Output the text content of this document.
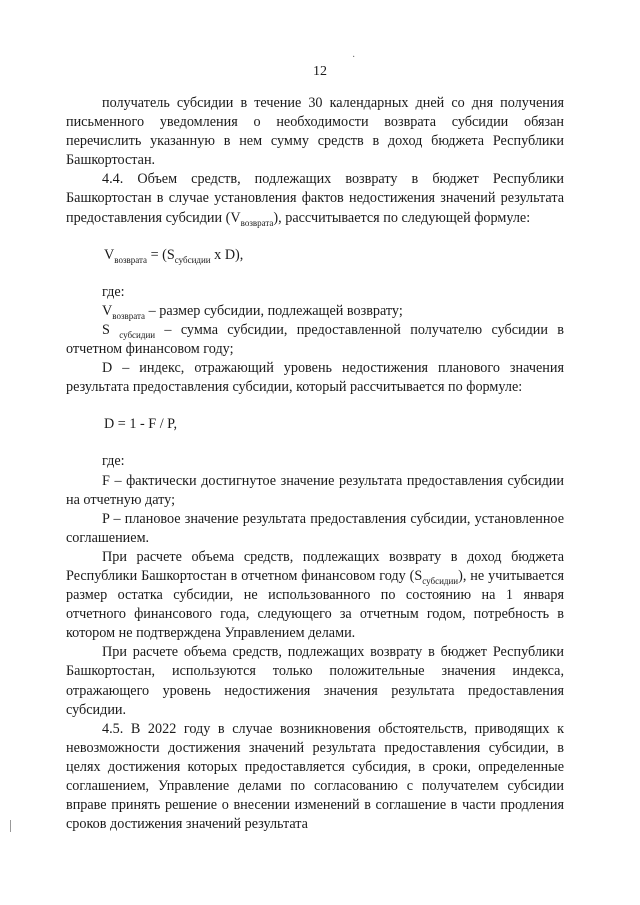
·
12

получатель субсидии в течение 30 календарных дней со дня получения письменного уведомления о необходимости возврата субсидии обязан перечислить указанную в нем сумму средств в доход бюджета Республики Башкортостан.

4.4. Объем средств, подлежащих возврату в бюджет Республики Башкортостан в случае установления фактов недостижения значений результата предоставления субсидии $(V_{возврата})$, рассчитывается по следующей формуле:

$V_{возврата} = (S_{субсидии}$ x D),

где:

$V_{возврата}$ – размер субсидии, подлежащей возврату;

S $_{субсидии}$ – сумма субсидии, предоставленной получателю субсидии в отчетном финансовом году;

D – индекс, отражающий уровень недостижения планового значения результата предоставления субсидии, который рассчитывается по формуле:

D = 1 - F / P,

где:

F – фактически достигнутое значение результата предоставления субсидии на отчетную дату;

P – плановое значение результата предоставления субсидии, установленное соглашением.

При расчете объема средств, подлежащих возврату в доход бюджета Республики Башкортостан в отчетном финансовом году $(S_{субсидии})$, не учитывается размер остатка субсидии, не использованного по состоянию на 1 января отчетного финансового года, следующего за отчетным годом, потребность в котором не подтверждена Управлением делами.

При расчете объема средств, подлежащих возврату в бюджет Республики Башкортостан, используются только положительные значения индекса, отражающего уровень недостижения значения результата предоставления субсидии.

4.5. В 2022 году в случае возникновения обстоятельств, приводящих к невозможности достижения значений результата предоставления субсидии, в целях достижения которых предоставляется субсидия, в сроки, определенные соглашением, Управление делами по согласованию с получателем субсидии вправе принять решение о внесении изменений в соглашение в части продления сроков достижения значений результата
